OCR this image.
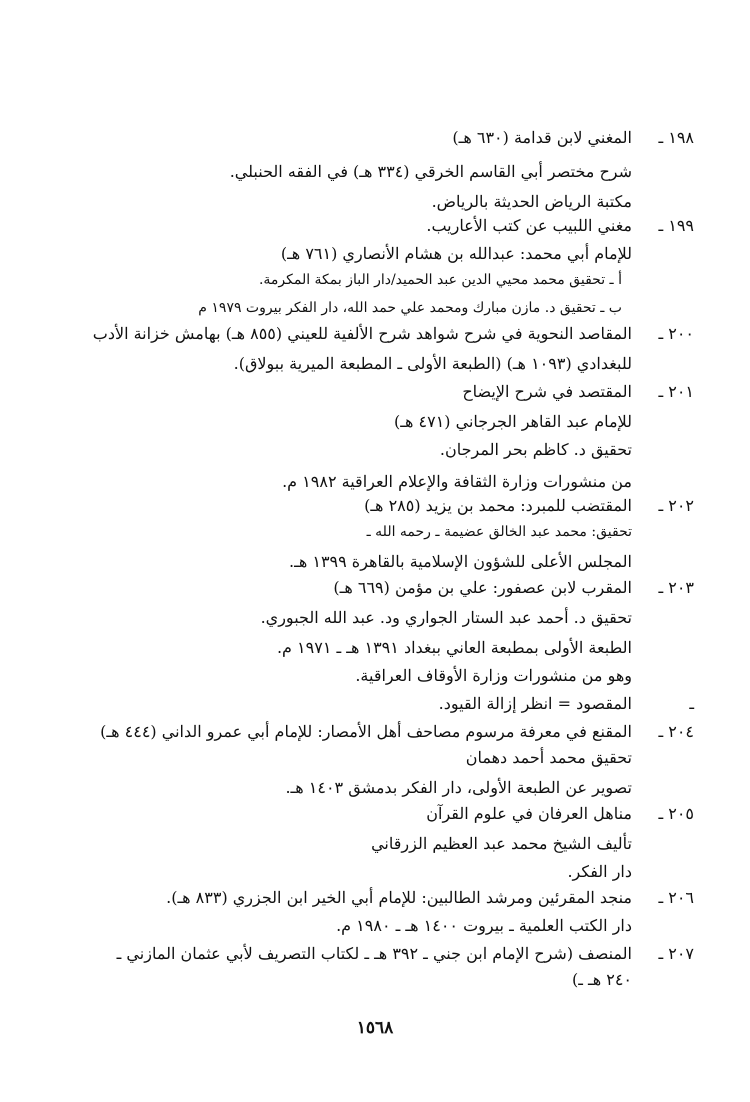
١٩٨ ـ
المغني لابن قدامة (٦٣٠ هـ)
شرح مختصر أبي القاسم الخرقي (٣٣٤ هـ) في الفقه الحنبلي.
مكتبة الرياض الحديثة بالرياض.
١٩٩ ـ
مغني اللبيب عن كتب الأعاريب.
للإمام أبي محمد: عبدالله بن هشام الأنصاري (٧٦١ هـ)
أ ـ تحقيق محمد محيي الدين عبد الحميد/دار الباز بمكة المكرمة.
ب ـ تحقيق د. مازن مبارك ومحمد علي حمد الله، دار الفكر بيروت ١٩٧٩ م
٢٠٠ ـ
المقاصد النحوية في شرح شواهد شرح الألفية للعيني (٨٥٥ هـ) بهامش خزانة الأدب
للبغدادي (١٠٩٣ هـ) (الطبعة الأولى ـ المطبعة الميرية ببولاق).
٢٠١ ـ
المقتصد في شرح الإيضاح
للإمام عبد القاهر الجرجاني (٤٧١ هـ)
تحقيق د. كاظم بحر المرجان.
من منشورات وزارة الثقافة والإعلام العراقية ١٩٨٢ م.
٢٠٢ ـ
المقتضب للمبرد: محمد بن يزيد (٢٨٥ هـ)
تحقيق: محمد عبد الخالق عضيمة ـ رحمه الله ـ
المجلس الأعلى للشؤون الإسلامية بالقاهرة ١٣٩٩ هـ.
٢٠٣ ـ
المقرب لابن عصفور: علي بن مؤمن (٦٦٩ هـ)
تحقيق د. أحمد عبد الستار الجواري ود. عبد الله الجبوري.
الطبعة الأولى بمطبعة العاني ببغداد ١٣٩١ هـ ـ ١٩٧١ م.
وهو من منشورات وزارة الأوقاف العراقية.
ـ
المقصود = انظر إزالة القيود.
٢٠٤ ـ
المقنع في معرفة مرسوم مصاحف أهل الأمصار: للإمام أبي عمرو الداني (٤٤٤ هـ)
تحقيق محمد أحمد دهمان
تصوير عن الطبعة الأولى، دار الفكر بدمشق ١٤٠٣ هـ.
٢٠٥ ـ
مناهل العرفان في علوم القرآن
تأليف الشيخ محمد عبد العظيم الزرقاني
دار الفكر.
٢٠٦ ـ
منجد المقرئين ومرشد الطالبين: للإمام أبي الخير ابن الجزري (٨٣٣ هـ).
دار الكتب العلمية ـ بيروت ١٤٠٠ هـ ـ ١٩٨٠ م.
٢٠٧ ـ
المنصف (شرح الإمام ابن جني ـ ٣٩٢ هـ ـ لكتاب التصريف لأبي عثمان المازني ـ
٢٤٠ هـ ـ)
١٥٦٨
